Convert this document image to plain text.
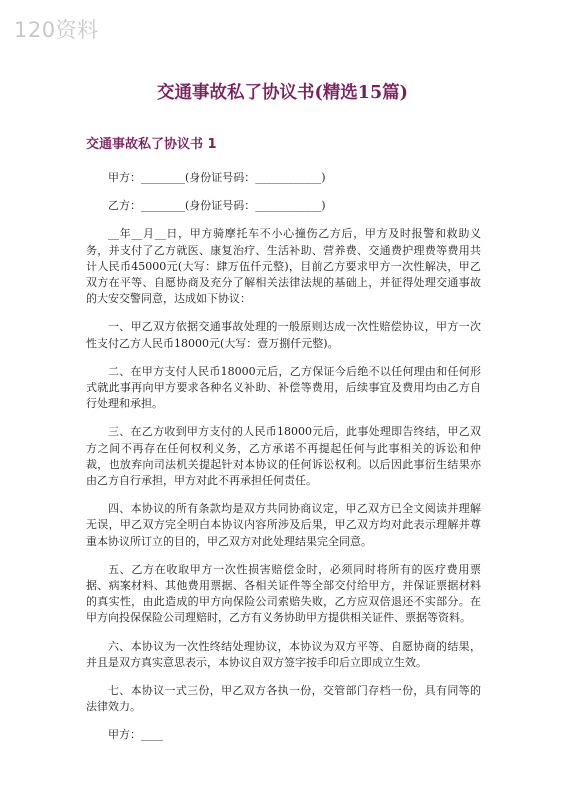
120资料
交通事故私了协议书(精选15篇)
交通事故私了协议书 1

甲方：________(身份证号码：____________)

乙方：________(身份证号码：____________)

__年__月__日，甲方骑摩托车不小心撞伤乙方后，甲方及时报警和救助义务，并支付了乙方就医、康复治疗、生活补助、营养费、交通费护理费等费用共计人民币45000元(大写：肆万伍仟元整)，目前乙方要求甲方一次性解决，甲乙双方在平等、自愿协商及充分了解相关法律法规的基础上，并征得处理交通事故的大安交警同意，达成如下协议：

一、甲乙双方依据交通事故处理的一般原则达成一次性赔偿协议，甲方一次性支付乙方人民币18000元(大写：壹万捌仟元整)。

二、在甲方支付人民币18000元后，乙方保证今后绝不以任何理由和任何形式就此事再向甲方要求各种名义补助、补偿等费用，后续事宜及费用均由乙方自行处理和承担。

三、在乙方收到甲方支付的人民币18000元后，此事处理即告终结，甲乙双方之间不再存在任何权利义务，乙方承诺不再提起任何与此事相关的诉讼和仲裁，也放弃向司法机关提起针对本协议的任何诉讼权利。以后因此事衍生结果亦由乙方自行承担，甲方对此不再承担任何责任。

四、本协议的所有条款均是双方共同协商议定，甲乙双方已全文阅读并理解无误，甲乙双方完全明白本协议内容所涉及后果，甲乙双方均对此表示理解并尊重本协议所订立的目的，甲乙双方对此处理结果完全同意。

五、乙方在收取甲方一次性损害赔偿金时，必须同时将所有的医疗费用票据、病案材料、其他费用票据、各相关证件等全部交付给甲方，并保证票据材料的真实性，由此造成的甲方向保险公司索赔失败，乙方应双倍退还不实部分。在甲方向投保保险公司理赔时，乙方有义务协助甲方提供相关证件、票据等资料。

六、本协议为一次性终结处理协议，本协议为双方平等、自愿协商的结果，并且是双方真实意思表示，本协议自双方签字按手印后立即成立生效。

七、本协议一式三份，甲乙双方各执一份，交管部门存档一份，具有同等的法律效力。

甲方：____
